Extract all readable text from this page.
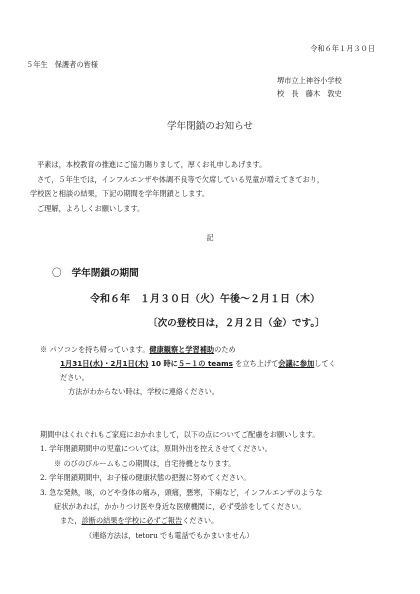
令和６年１月３０日
５年生　保護者の皆様
堺市立上神谷小学校
校　長　藤木　敦史
学年閉鎖のお知らせ
平素は，本校教育の推進にご協力賜りまして，厚くお礼申しあげます。
さて，５年生では，インフルエンザや体調不良等で欠席している児童が増えてきており，
学校医と相談の結果，下記の期間を学年閉鎖とします。
ご理解，よろしくお願いします。
記
〇 学年閉鎖の期間
令和６年　１月３０日（火）午後～２月１日（木）
〔次の登校日は，２月２日（金）です。〕
※ パソコンを持ち帰っています。健康観察と学習補助のため
1月31日(水)・2月1日(木) 10 時に５−１の teams を立ち上げて会議に参加してく
ださい。
方法がわからない時は，学校に連絡ください。
期間中はくれぐれもご家庭におかれまして，以下の点についてご配慮をお願いします。
1. 学年閉鎖期間中の児童については，原則外出を控えさせてください。
※ のびのびルームもこの期間は，自宅待機となります。
2. 学年閉鎖期間中，お子様の健康状態の把握に努めてください。
3. 急な発熱，咳，のどや身体の痛み，頭痛，悪寒，下痢など，インフルエンザのような
症状があれば，かかりつけ医や身近な医療機関に，必ず受診をしてください。
また，診断の結果を学校に必ずご報告ください。
（連絡方法は，tetoru でも電話でもかまいません）
